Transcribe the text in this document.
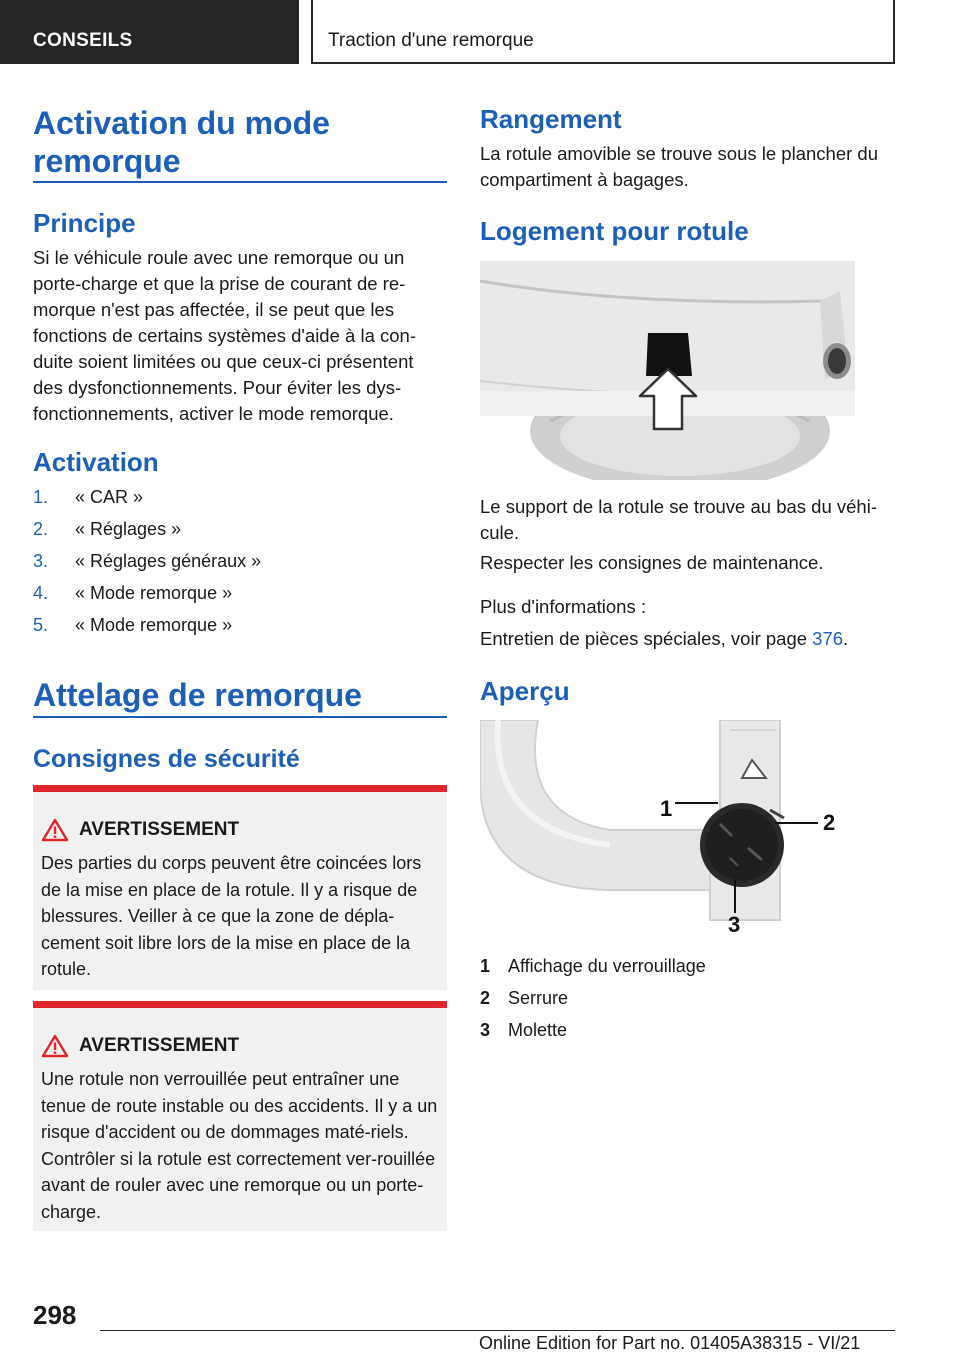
CONSEILS	Traction d'une remorque
Activation du mode remorque
Principe
Si le véhicule roule avec une remorque ou un porte-charge et que la prise de courant de re-morque n'est pas affectée, il se peut que les fonctions de certains systèmes d'aide à la con-duite soient limitées ou que ceux-ci présentent des dysfonctionnements. Pour éviter les dys-fonctionnements, activer le mode remorque.
Activation
1. « CAR »
2. « Réglages »
3. « Réglages généraux »
4. « Mode remorque »
5. « Mode remorque »
Attelage de remorque
Consignes de sécurité
AVERTISSEMENT
Des parties du corps peuvent être coincées lors de la mise en place de la rotule. Il y a risque de blessures. Veiller à ce que la zone de dépla-cement soit libre lors de la mise en place de la rotule.
AVERTISSEMENT
Une rotule non verrouillée peut entraîner une tenue de route instable ou des accidents. Il y a un risque d'accident ou de dommages maté-riels. Contrôler si la rotule est correctement ver-rouillée avant de rouler avec une remorque ou un porte-charge.
Rangement
La rotule amovible se trouve sous le plancher du compartiment à bagages.
Logement pour rotule
Le support de la rotule se trouve au bas du véhi-cule.
Respecter les consignes de maintenance.
Plus d'informations :
Entretien de pièces spéciales, voir page 376.
Aperçu
1
2
3
1 Affichage du verrouillage
2 Serrure
3 Molette
298
Online Edition for Part no. 01405A38315 - VI/21
